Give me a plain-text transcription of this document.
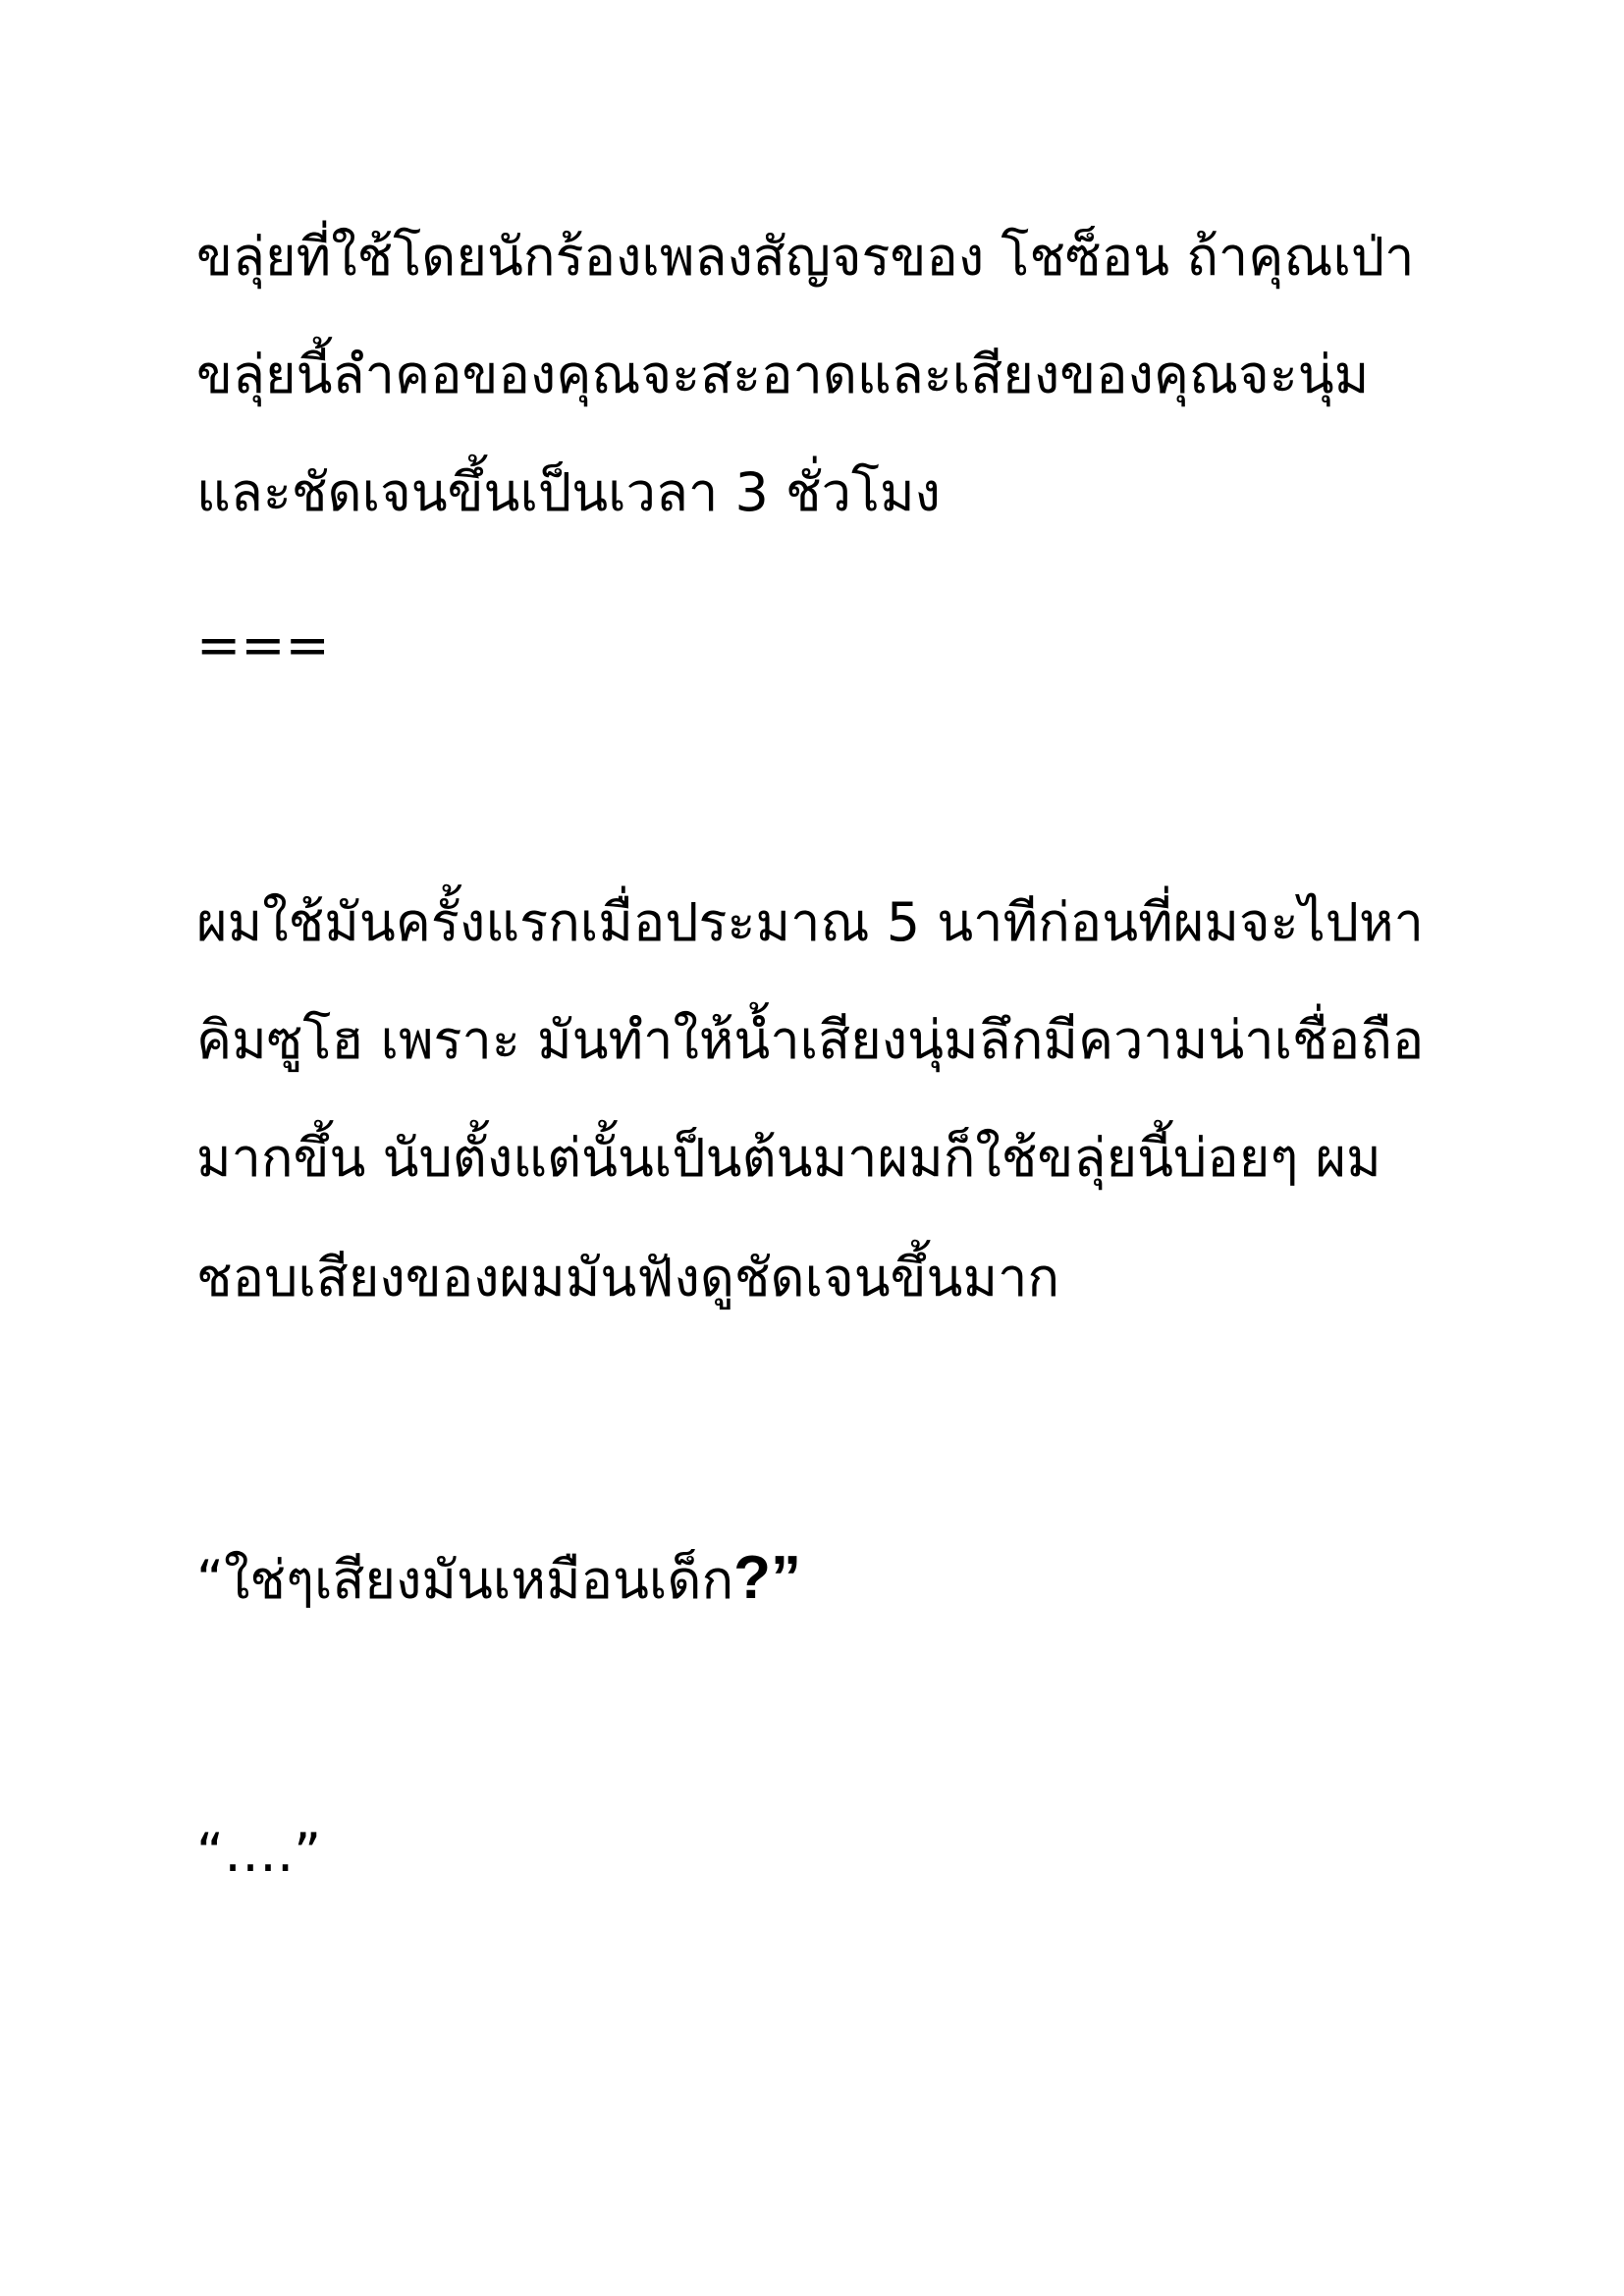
ขลุ่ยที่ใช้โดยนักร้องเพลงสัญจรของ โชซ็อน ถ้าคุณเป่า
ขลุ่ยนี้ลำคอของคุณจะสะอาดและเสียงของคุณจะนุ่ม
และชัดเจนขึ้นเป็นเวลา 3 ชั่วโมง
===
ผมใช้มันครั้งแรกเมื่อประมาณ 5 นาทีก่อนที่ผมจะไปหา
คิมซูโฮ เพราะ มันทำให้น้ำเสียงนุ่มลึกมีความน่าเชื่อถือ
มากขึ้น นับตั้งแต่นั้นเป็นต้นมาผมก็ใช้ขลุ่ยนี้บ่อยๆ ผม
ชอบเสียงของผมมันฟังดูชัดเจนขึ้นมาก
“ใช่ๆเสียงมันเหมือนเด็ก?”
“….”
